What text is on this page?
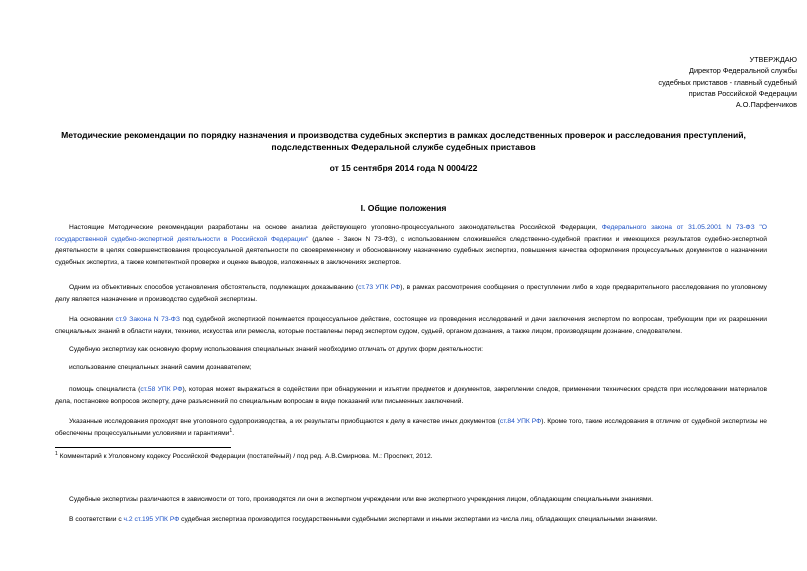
УТВЕРЖДАЮ
Директор Федеральной службы
судебных приставов - главный судебный
пристав Российской Федерации
А.О.Парфенчиков
Методические рекомендации по порядку назначения и производства судебных экспертиз в рамках доследственных проверок и расследования преступлений,
подследственных Федеральной службе судебных приставов
от 15 сентября 2014 года N 0004/22
I. Общие положения
Настоящие Методические рекомендации разработаны на основе анализа действующего уголовно-процессуального законодательства Российской Федерации, Федерального закона от 31.05.2001 N 73-ФЗ "О государственной судебно-экспертной деятельности в Российской Федерации" (далее - Закон N 73-ФЗ), с использованием сложившейся следственно-судебной практики и имеющихся результатов судебно-экспертной деятельности в целях совершенствования процессуальной деятельности по своевременному и обоснованному назначению судебных экспертиз, повышения качества оформления процессуальных документов о назначении судебных экспертиз, а также компетентной проверке и оценке выводов, изложенных в заключениях экспертов.
Одним из объективных способов установления обстоятельств, подлежащих доказыванию (ст.73 УПК РФ), в рамках рассмотрения сообщения о преступлении либо в ходе предварительного расследования по уголовному делу является назначение и производство судебной экспертизы.
На основании ст.9 Закона N 73-ФЗ под судебной экспертизой понимается процессуальное действие, состоящее из проведения исследований и дачи заключения экспертом по вопросам, требующим при их разрешении специальных знаний в области науки, техники, искусства или ремесла, которые поставлены перед экспертом судом, судьей, органом дознания, а также лицом, производящим дознание, следователем.
Судебную экспертизу как основную форму использования специальных знаний необходимо отличать от других форм деятельности:
использование специальных знаний самим дознавателем;
помощь специалиста (ст.58 УПК РФ), которая может выражаться в содействии при обнаружении и изъятии предметов и документов, закреплении следов, применении технических средств при исследовании материалов дела, постановке вопросов эксперту, даче разъяснений по специальным вопросам в виде показаний или письменных заключений.
Указанные исследования проходят вне уголовного судопроизводства, а их результаты приобщаются к делу в качестве иных документов (ст.84 УПК РФ). Кроме того, такие исследования в отличие от судебной экспертизы не обеспечены процессуальными условиями и гарантиями$^1$.
$^1$ Комментарий к Уголовному кодексу Российской Федерации (постатейный) / под ред. А.В.Смирнова. М.: Проспект, 2012.
Судебные экспертизы различаются в зависимости от того, производятся ли они в экспертном учреждении или вне экспертного учреждения лицом, обладающим специальными знаниями.
В соответствии с ч.2 ст.195 УПК РФ судебная экспертиза производится государственными судебными экспертами и иными экспертами из числа лиц, обладающих специальными знаниями.
